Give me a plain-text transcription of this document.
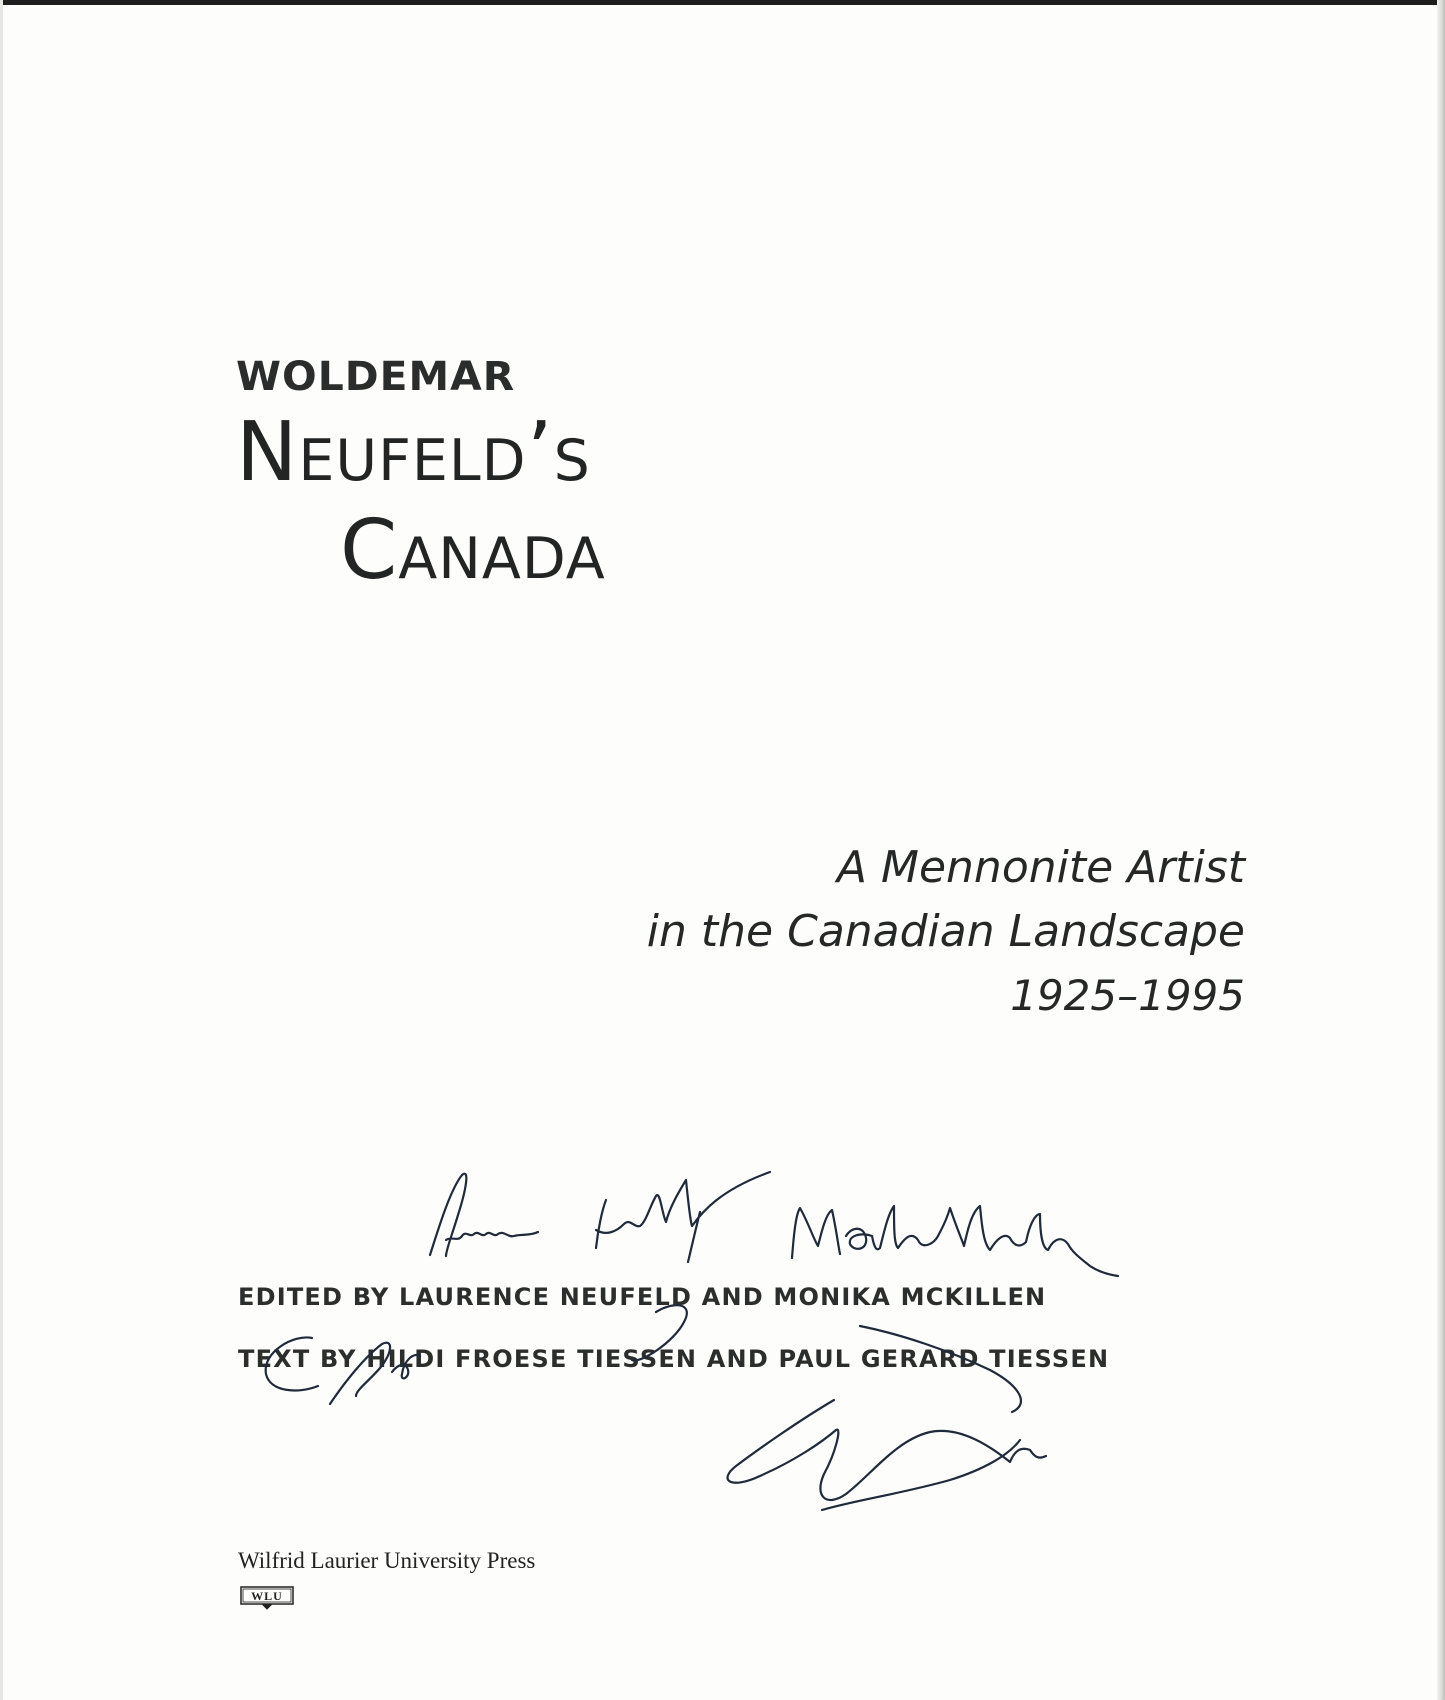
WOLDEMAR
Neufeld’s
Canada
A Mennonite Artist
in the Canadian Landscape
1925–1995
EDITED BY LAURENCE NEUFELD AND MONIKA MCKILLEN
TEXT BY HILDI FROESE TIESSEN AND PAUL GERARD TIESSEN
Wilfrid Laurier University Press
WLU
